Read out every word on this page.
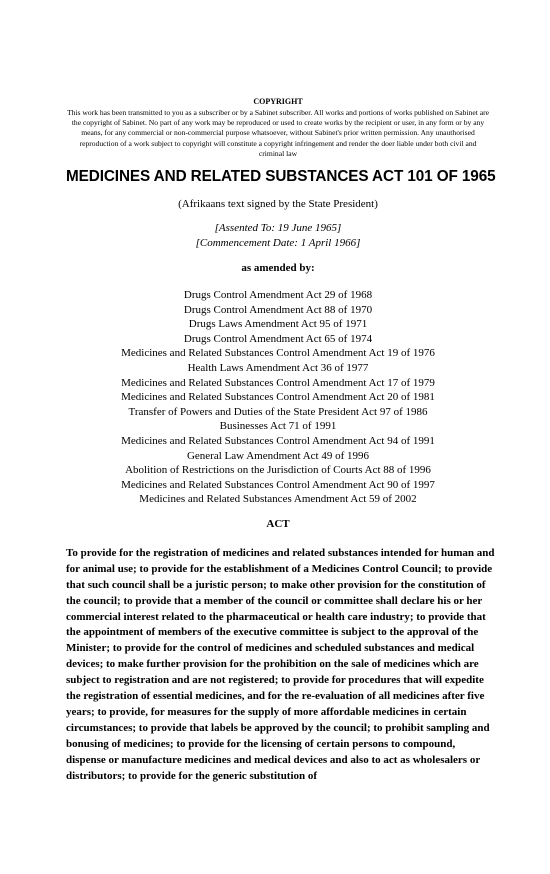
COPYRIGHT

This work has been transmitted to you as a subscriber or by a Sabinet subscriber. All works and portions of works published on Sabinet are the copyright of Sabinet. No part of any work may be reproduced or used to create works by the recipient or user, in any form or by any means, for any commercial or non-commercial purpose whatsoever, without Sabinet's prior written permission. Any unauthorised reproduction of a work subject to copyright will constitute a copyright infringement and render the doer liable under both civil and criminal law

MEDICINES AND RELATED SUBSTANCES ACT 101 OF 1965
(Afrikaans text signed by the State President)
[Assented To: 19 June 1965]
[Commencement Date: 1 April 1966]
as amended by:
Drugs Control Amendment Act 29 of 1968
Drugs Control Amendment Act 88 of 1970
Drugs Laws Amendment Act 95 of 1971
Drugs Control Amendment Act 65 of 1974
Medicines and Related Substances Control Amendment Act 19 of 1976
Health Laws Amendment Act 36 of 1977
Medicines and Related Substances Control Amendment Act 17 of 1979
Medicines and Related Substances Control Amendment Act 20 of 1981
Transfer of Powers and Duties of the State President Act 97 of 1986
Businesses Act 71 of 1991
Medicines and Related Substances Control Amendment Act 94 of 1991
General Law Amendment Act 49 of 1996
Abolition of Restrictions on the Jurisdiction of Courts Act 88 of 1996
Medicines and Related Substances Control Amendment Act 90 of 1997
Medicines and Related Substances Amendment Act 59 of 2002
ACT

To provide for the registration of medicines and related substances intended for human and for animal use; to provide for the establishment of a Medicines Control Council; to provide that such council shall be a juristic person; to make other provision for the constitution of the council; to provide that a member of the council or committee shall declare his or her commercial interest related to the pharmaceutical or health care industry; to provide that the appointment of members of the executive committee is subject to the approval of the Minister; to provide for the control of medicines and scheduled substances and medical devices; to make further provision for the prohibition on the sale of medicines which are subject to registration and are not registered; to provide for procedures that will expedite the registration of essential medicines, and for the re-evaluation of all medicines after five years; to provide, for measures for the supply of more affordable medicines in certain circumstances; to provide that labels be approved by the council; to prohibit sampling and bonusing of medicines; to provide for the licensing of certain persons to compound, dispense or manufacture medicines and medical devices and also to act as wholesalers or distributors; to provide for the generic substitution of
